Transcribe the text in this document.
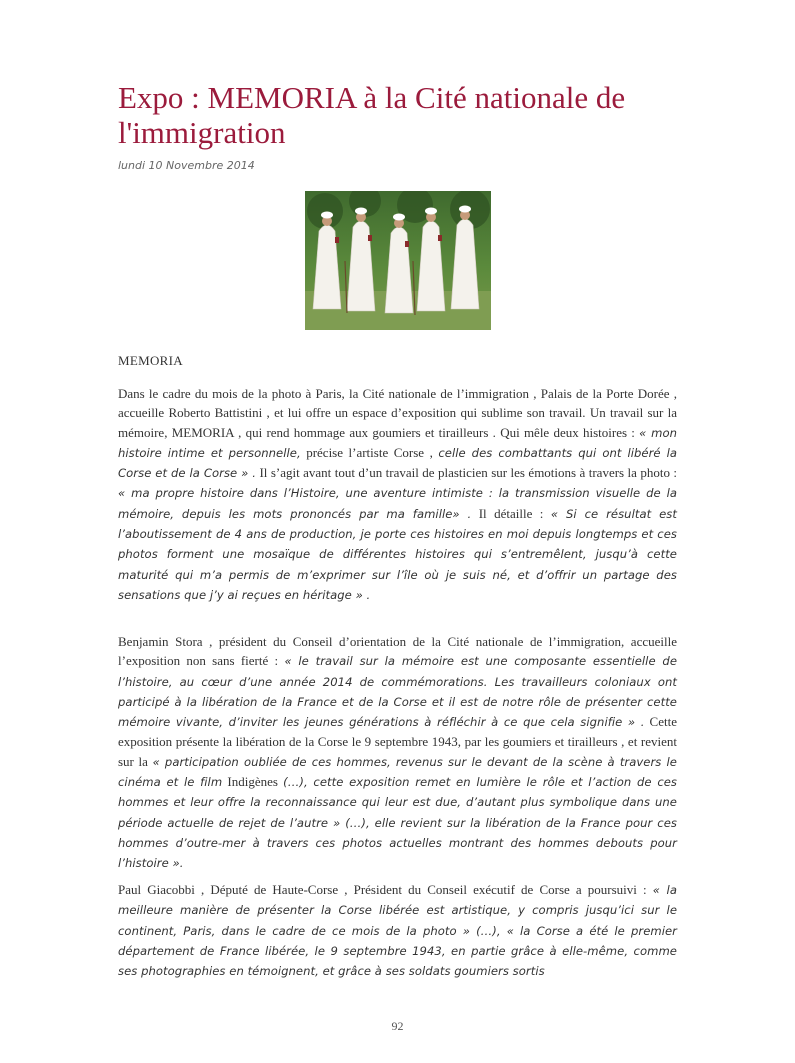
Expo : MEMORIA à la Cité nationale de l'immigration
lundi 10 Novembre 2014
MEMORIA

Dans le cadre du mois de la photo à Paris, la Cité nationale de l’immigration , Palais de la Porte Dorée , accueille Roberto Battistini , et lui offre un espace d’exposition qui sublime son travail. Un travail sur la mémoire, MEMORIA , qui rend hommage aux goumiers et tirailleurs . Qui mêle deux histoires : « mon histoire intime et personnelle, précise l’artiste Corse , celle des combattants qui ont libéré la Corse et de la Corse » . Il s’agit avant tout d’un travail de plasticien sur les émotions à travers la photo : « ma propre histoire dans l’Histoire, une aventure intimiste : la transmission visuelle de la mémoire, depuis les mots prononcés par ma famille» . Il détaille : « Si ce résultat est l’aboutissement de 4 ans de production, je porte ces histoires en moi depuis longtemps et ces photos forment une mosaïque de différentes histoires qui s’entremêlent, jusqu’à cette maturité qui m’a permis de m’exprimer sur l’île où je suis né, et d’offrir un partage des sensations que j’y ai reçues en héritage » .

Benjamin Stora , président du Conseil d’orientation de la Cité nationale de l’immigration, accueille l’exposition non sans fierté : « le travail sur la mémoire est une composante essentielle de l’histoire, au cœur d’une année 2014 de commémorations. Les travailleurs coloniaux ont participé à la libération de la France et de la Corse et il est de notre rôle de présenter cette mémoire vivante, d’inviter les jeunes générations à réfléchir à ce que cela signifie » . Cette exposition présente la libération de la Corse le 9 septembre 1943, par les goumiers et tirailleurs , et revient sur la « participation oubliée de ces hommes, revenus sur le devant de la scène à travers le cinéma et le film Indigènes (…), cette exposition remet en lumière le rôle et l’action de ces hommes et leur offre la reconnaissance qui leur est due, d’autant plus symbolique dans une période actuelle de rejet de l’autre » (…), elle revient sur la libération de la France pour ces hommes d’outre-mer à travers ces photos actuelles montrant des hommes debouts pour l’histoire ».

Paul Giacobbi , Député de Haute-Corse , Président du Conseil exécutif de Corse a poursuivi : « la meilleure manière de présenter la Corse libérée est artistique, y compris jusqu’ici sur le continent, Paris, dans le cadre de ce mois de la photo » (…), « la Corse a été le premier département de France libérée, le 9 septembre 1943, en partie grâce à elle-même, comme ses photographies en témoignent, et grâce à ses soldats goumiers sortis

92
